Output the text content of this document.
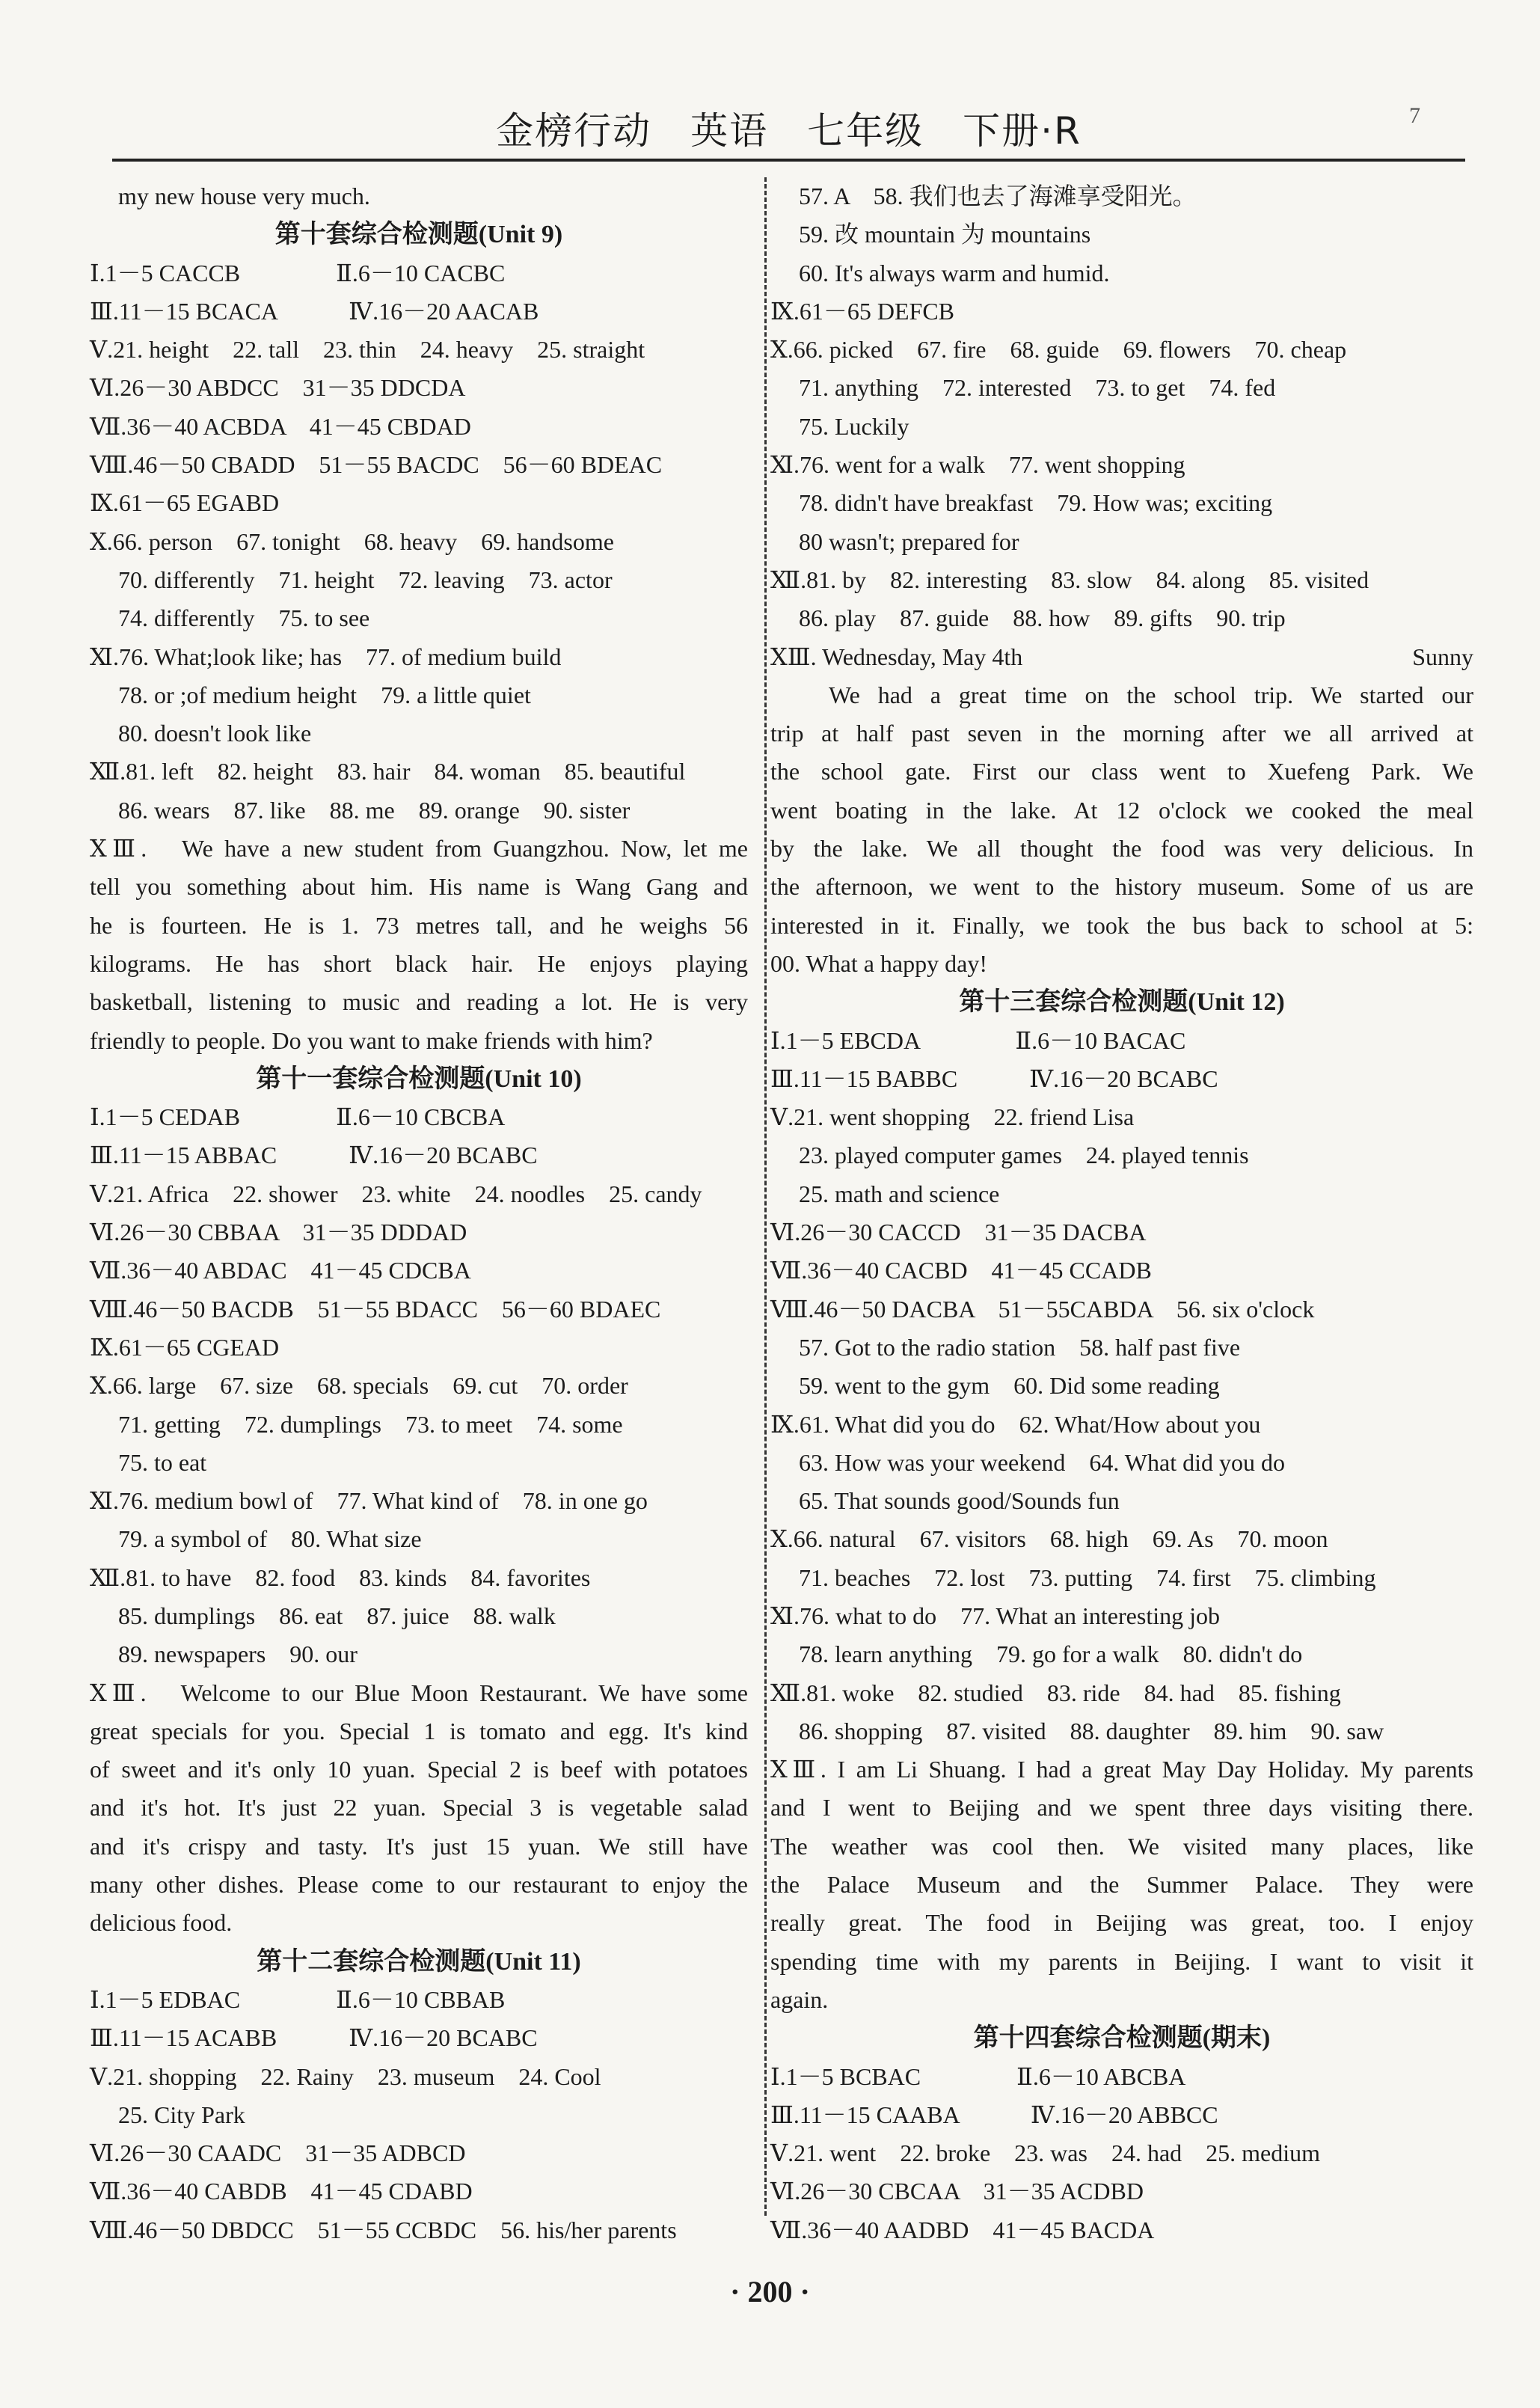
金榜行动　英语　七年级　下册·R	7
my new house very much.
第十套综合检测题(Unit 9)
Ⅰ.1－5 CACCB　　　　Ⅱ.6－10 CACBC
Ⅲ.11－15 BCACA　　　Ⅳ.16－20 AACAB
Ⅴ.21. height　22. tall　23. thin　24. heavy　25. straight
Ⅵ.26－30 ABDCC　31－35 DDCDA
Ⅶ.36－40 ACBDA　41－45 CBDAD
Ⅷ.46－50 CBADD　51－55 BACDC　56－60 BDEAC
Ⅸ.61－65 EGABD
Ⅹ.66. person　67. tonight　68. heavy　69. handsome
70. differently　71. height　72. leaving　73. actor
74. differently　75. to see
Ⅺ.76. What;look like; has　77. of medium build
78. or ;of medium height　79. a little quiet
80. doesn't look like
Ⅻ.81. left　82. height　83. hair　84. woman　85. beautiful
86. wears　87. like　88. me　89. orange　90. sister
ⅩⅢ.　We have a new student from Guangzhou. Now, let me
tell you something about him. His name is Wang Gang and
he is fourteen. He is 1. 73 metres tall, and he weighs 56
kilograms. He has short black hair. He enjoys playing
basketball, listening to music and reading a lot. He is very
friendly to people. Do you want to make friends with him?
第十一套综合检测题(Unit 10)
Ⅰ.1－5 CEDAB　　　　Ⅱ.6－10 CBCBA
Ⅲ.11－15 ABBAC　　　Ⅳ.16－20 BCABC
Ⅴ.21. Africa　22. shower　23. white　24. noodles　25. candy
Ⅵ.26－30 CBBAA　31－35 DDDAD
Ⅶ.36－40 ABDAC　41－45 CDCBA
Ⅷ.46－50 BACDB　51－55 BDACC　56－60 BDAEC
Ⅸ.61－65 CGEAD
Ⅹ.66. large　67. size　68. specials　69. cut　70. order
71. getting　72. dumplings　73. to meet　74. some
75. to eat
Ⅺ.76. medium bowl of　77. What kind of　78. in one go
79. a symbol of　80. What size
Ⅻ.81. to have　82. food　83. kinds　84. favorites
85. dumplings　86. eat　87. juice　88. walk
89. newspapers　90. our
ⅩⅢ.　Welcome to our Blue Moon Restaurant. We have some
great specials for you. Special 1 is tomato and egg. It's kind
of sweet and it's only 10 yuan. Special 2 is beef with potatoes
and it's hot. It's just 22 yuan. Special 3 is vegetable salad
and it's crispy and tasty. It's just 15 yuan. We still have
many other dishes. Please come to our restaurant to enjoy the
delicious food.
第十二套综合检测题(Unit 11)
Ⅰ.1－5 EDBAC　　　　Ⅱ.6－10 CBBAB
Ⅲ.11－15 ACABB　　　Ⅳ.16－20 BCABC
Ⅴ.21. shopping　22. Rainy　23. museum　24. Cool
25. City Park
Ⅵ.26－30 CAADC　31－35 ADBCD
Ⅶ.36－40 CABDB　41－45 CDABD
Ⅷ.46－50 DBDCC　51－55 CCBDC　56. his/her parents
57. A　58. 我们也去了海滩享受阳光。
59. 改 mountain 为 mountains
60. It's always warm and humid.
Ⅸ.61－65 DEFCB
Ⅹ.66. picked　67. fire　68. guide　69. flowers　70. cheap
71. anything　72. interested　73. to get　74. fed
75. Luckily
Ⅺ.76. went for a walk　77. went shopping
78. didn't have breakfast　79. How was; exciting
80 wasn't; prepared for
Ⅻ.81. by　82. interesting　83. slow　84. along　85. visited
86. play　87. guide　88. how　89. gifts　90. trip
ⅩⅢ. Wednesday, May 4th	Sunny
We had a great time on the school trip. We started our
trip at half past seven in the morning after we all arrived at
the school gate. First our class went to Xuefeng Park. We
went boating in the lake. At 12 o'clock we cooked the meal
by the lake. We all thought the food was very delicious. In
the afternoon, we went to the history museum. Some of us are
interested in it. Finally, we took the bus back to school at 5:
00. What a happy day!
第十三套综合检测题(Unit 12)
Ⅰ.1－5 EBCDA　　　　Ⅱ.6－10 BACAC
Ⅲ.11－15 BABBC　　　Ⅳ.16－20 BCABC
Ⅴ.21. went shopping　22. friend Lisa
23. played computer games　24. played tennis
25. math and science
Ⅵ.26－30 CACCD　31－35 DACBA
Ⅶ.36－40 CACBD　41－45 CCADB
Ⅷ.46－50 DACBA　51－55CABDA　56. six o'clock
57. Got to the radio station　58. half past five
59. went to the gym　60. Did some reading
Ⅸ.61. What did you do　62. What/How about you
63. How was your weekend　64. What did you do
65. That sounds good/Sounds fun
Ⅹ.66. natural　67. visitors　68. high　69. As　70. moon
71. beaches　72. lost　73. putting　74. first　75. climbing
Ⅺ.76. what to do　77. What an interesting job
78. learn anything　79. go for a walk　80. didn't do
Ⅻ.81. woke　82. studied　83. ride　84. had　85. fishing
86. shopping　87. visited　88. daughter　89. him　90. saw
ⅩⅢ. I am Li Shuang. I had a great May Day Holiday. My parents
and I went to Beijing and we spent three days visiting there.
The weather was cool then. We visited many places, like
the Palace Museum and the Summer Palace. They were
really great. The food in Beijing was great, too. I enjoy
spending time with my parents in Beijing. I want to visit it
again.
第十四套综合检测题(期末)
Ⅰ.1－5 BCBAC　　　　Ⅱ.6－10 ABCBA
Ⅲ.11－15 CAABA　　　Ⅳ.16－20 ABBCC
Ⅴ.21. went　22. broke　23. was　24. had　25. medium
Ⅵ.26－30 CBCAA　31－35 ACDBD
Ⅶ.36－40 AADBD　41－45 BACDA
· 200 ·
